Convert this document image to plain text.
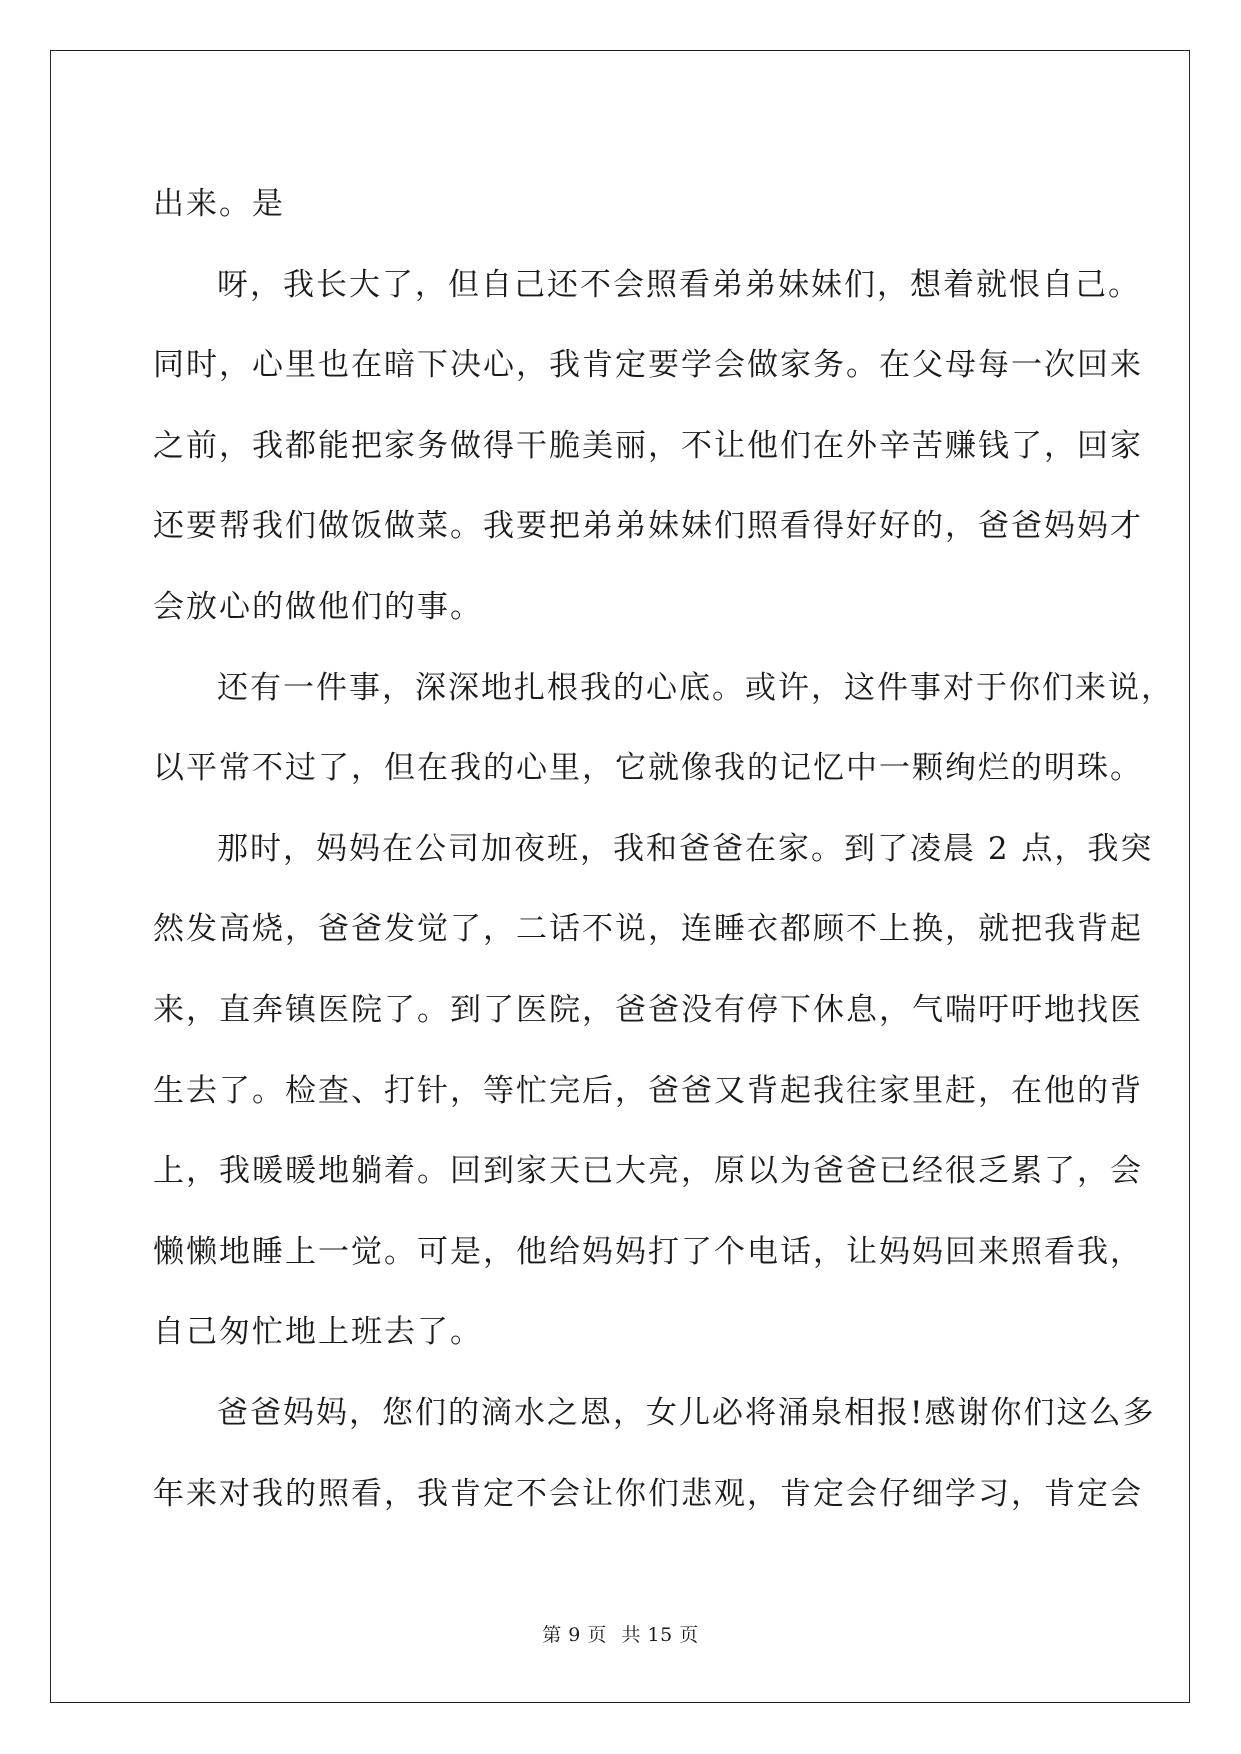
出来。是
呀，我长大了，但自己还不会照看弟弟妹妹们，想着就恨自己。
同时，心里也在暗下决心，我肯定要学会做家务。在父母每一次回来
之前，我都能把家务做得干脆美丽，不让他们在外辛苦赚钱了，回家
还要帮我们做饭做菜。我要把弟弟妹妹们照看得好好的，爸爸妈妈才
会放心的做他们的事。
还有一件事，深深地扎根我的心底。或许，这件事对于你们来说，
以平常不过了，但在我的心里，它就像我的记忆中一颗绚烂的明珠。
那时，妈妈在公司加夜班，我和爸爸在家。到了凌晨 2 点，我突
然发高烧，爸爸发觉了，二话不说，连睡衣都顾不上换，就把我背起
来，直奔镇医院了。到了医院，爸爸没有停下休息，气喘吁吁地找医
生去了。检查、打针，等忙完后，爸爸又背起我往家里赶，在他的背
上，我暖暖地躺着。回到家天已大亮，原以为爸爸已经很乏累了，会
懒懒地睡上一觉。可是，他给妈妈打了个电话，让妈妈回来照看我，
自己匆忙地上班去了。
爸爸妈妈，您们的滴水之恩，女儿必将涌泉相报!感谢你们这么多
年来对我的照看，我肯定不会让你们悲观，肯定会仔细学习，肯定会
第 9 页 共 15 页
